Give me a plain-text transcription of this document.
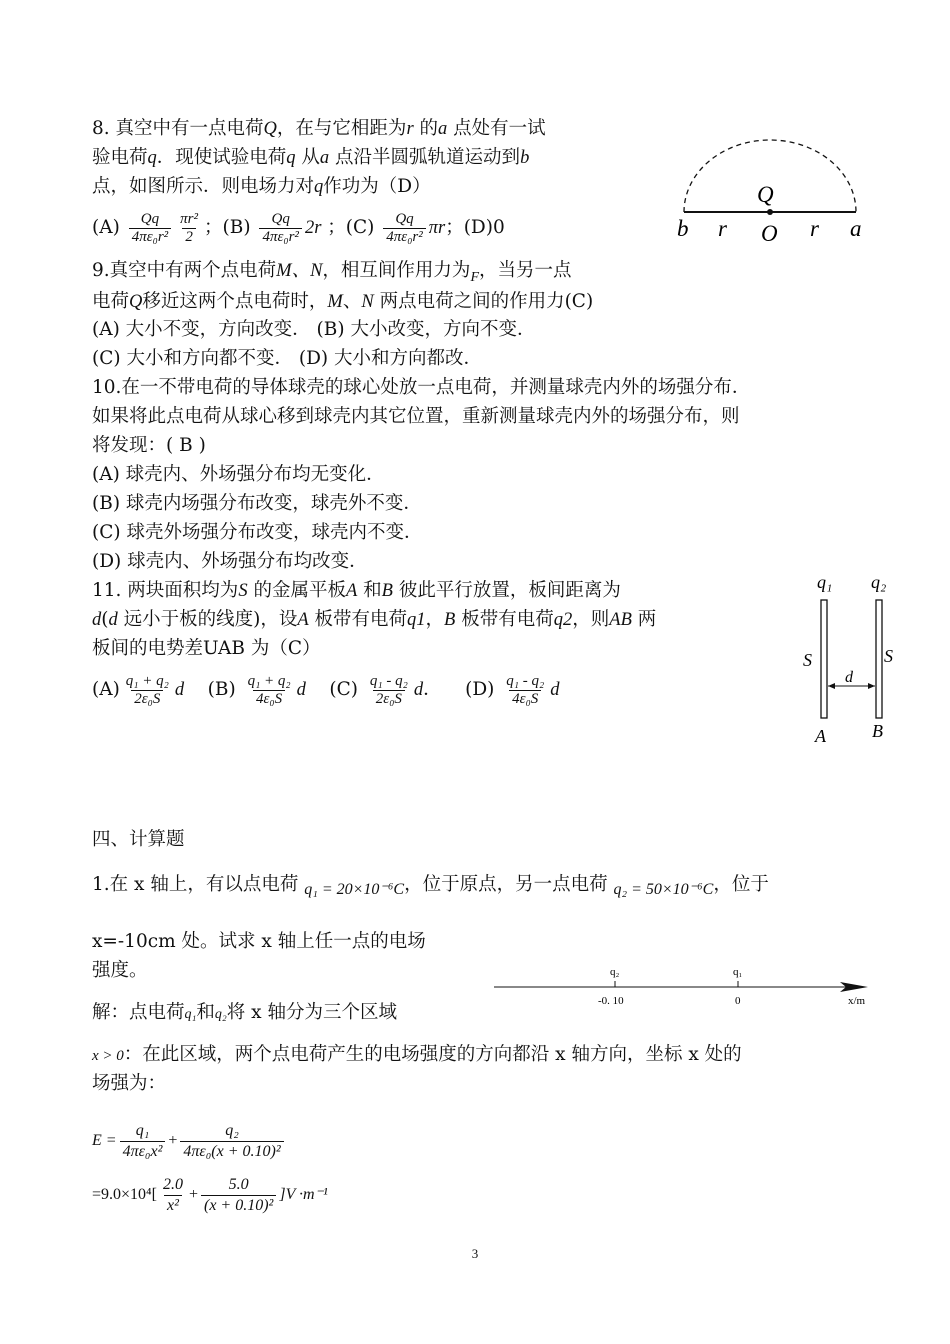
8. 真空中有一点电荷Q，在与它相距为r 的a 点处有一试
验电荷q．现使试验电荷q 从a 点沿半圆弧轨道运动到b
点，如图所示．则电场力对q作功为（D）
$(A) \frac{Qq}{\text{4πε₀r²}} \frac{\text{πr²}}{2}$ ；$(B) \frac{Qq}{\text{4πε₀r²}} 2r$ ；$(C) \frac{Qq}{\text{4πε₀r²}}$ πr；(D)0
Q
b r O r a
9.真空中有两个点电荷M、N，相互间作用力为$_F$，当另一点
电荷Q移近这两个点电荷时，M、N 两点电荷之间的作用力(C)
(A) 大小不变，方向改变． (B) 大小改变，方向不变．
(C) 大小和方向都不变． (D) 大小和方向都改．
10.在一不带电荷的导体球壳的球心处放一点电荷，并测量球壳内外的场强分布．
如果将此点电荷从球心移到球壳内其它位置，重新测量球壳内外的场强分布，则
将发现：( B )
(A) 球壳内、外场强分布均无变化．
(B) 球壳内场强分布改变，球壳外不变．
(C) 球壳外场强分布改变，球壳内不变．
(D) 球壳内、外场强分布均改变．
11. 两块面积均为S 的金属平板A 和B 彼此平行放置，板间距离为
d(d 远小于板的线度)，设A 板带有电荷q1，B 板带有电荷q2，则AB 两
板间的电势差UAB 为（C）
$(A) \frac{\text{q₁ + q₂}}{\text{2ε₀S}}$ d $(B) \frac{\text{q₁ + q₂}}{\text{4ε₀S}}$ d $(C) \frac{\text{q₁ - q₂}}{\text{2ε₀S}}$ d．    $(D) \frac{\text{q₁ - q₂}}{\text{4ε₀S}}$ d
q₁ q₂
S	S
d
A	B
四、计算题
1.在 x 轴上，有以点电荷 q₁ = 20×10⁻⁶C，位于原点，另一点电荷 q₂ = 50×10⁻⁶C，位于
x=-10cm 处。试求 x 轴上任一点的电场
强度。
解：点电荷q₁和q₂将 x 轴分为三个区域
q₂	q₁
-0. 10	0	x/m
x > 0：在此区域，两个点电荷产生的电场强度的方向都沿 x 轴方向，坐标 x 处的
场强为：
$E = \frac{\text{q₁}}{\text{4πε₀x²}} + \frac{\text{q₂}}{\text{4πε₀(x + 0.10)²}}$
$=9.0\times 10^4[ \frac{2.0}{\text{x²}} + \frac{5.0}{\text{(x + 0.10)²}} ]V \cdot m^{-1}$
3
